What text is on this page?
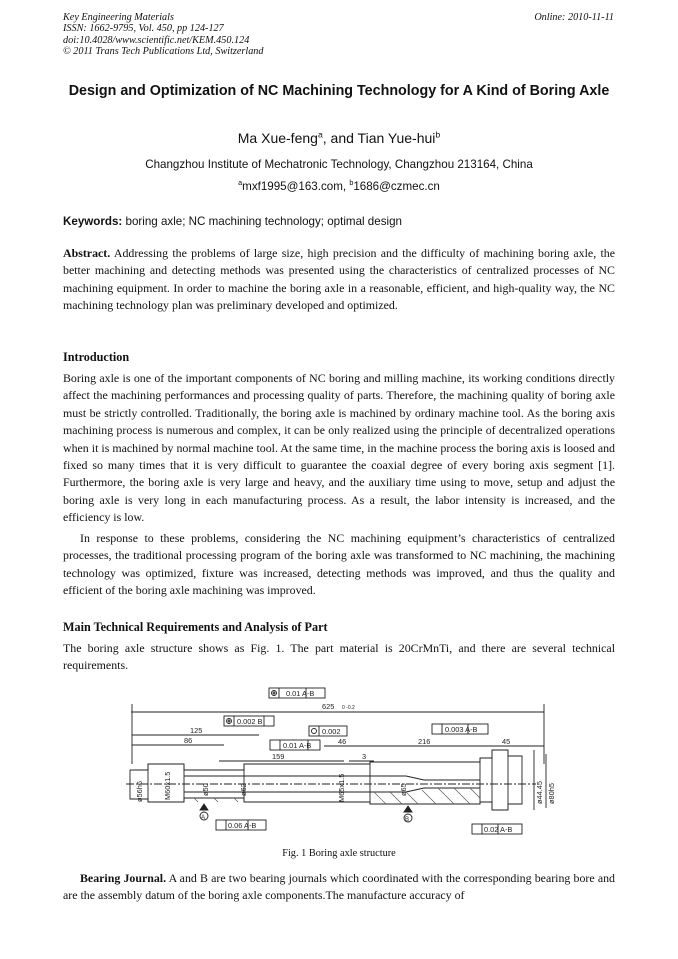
Key Engineering Materials
ISSN: 1662-9795, Vol. 450, pp 124-127
doi:10.4028/www.scientific.net/KEM.450.124
© 2011 Trans Tech Publications Ltd, Switzerland
Online: 2010-11-11
Design and Optimization of NC Machining Technology for A Kind of Boring Axle
Ma Xue-feng$^a$, and Tian Yue-hui$^b$
Changzhou Institute of Mechatronic Technology, Changzhou 213164, China
$^a$mxf1995@163.com, $^b$1686@czmec.cn
Keywords: boring axle; NC machining technology; optimal design

Abstract. Addressing the problems of large size, high precision and the difficulty of machining boring axle, the better machining and detecting methods was presented using the characteristics of centralized processes of NC machining equipment. In order to machine the boring axle in a reasonable, efficient, and high-quality way, the NC machining technology plan was preliminary developed and optimized.

Introduction

Boring axle is one of the important components of NC boring and milling machine, its working conditions directly affect the machining performances and processing quality of parts. Therefore, the machining quality of boring axle must be strictly controlled. Traditionally, the boring axle is machined by ordinary machine tool. As the boring axis machining process is numerous and complex, it can be only realized using the principle of decentralized operations when it is machined by normal machine tool. At the same time, in the machine process the boring axis is loosed and fixed so many times that it is very difficult to guarantee the coaxial degree of every boring axis segment [1]. Furthermore, the boring axle is very large and heavy, and the auxiliary time using to move, setup and adjust the boring axle is very long in each manufacturing process. As a result, the labor intensity is increased, and the efficiency is low.

In response to these problems, considering the NC machining equipment’s characteristics of centralized processes, the traditional processing program of the boring axle was transformed to NC machining, the machining technology was optimized, fixture was increased, detecting methods was improved, and thus the quality and efficient of the boring axle machining was improved.

Main Technical Requirements and Analysis of Part

The boring axle structure shows as Fig. 1. The part material is 20CrMnTi, and there are several technical requirements.

0.01 A-B
625 0 -0.2
0.002 B
0.002	0.003 A-B
125
86
0.01 A-B	46	216	45
159	3
ø50	ø62	ø65
M60x1.5	M65x1.5
ø56h6	ø44.45 ø80h5
A	B
0.06 A-B	0.02 A-B
Fig. 1 Boring axle structure

Bearing Journal. A and B are two bearing journals which coordinated with the corresponding bearing bore and are the assembly datum of the boring axle components.The manufacture accuracy of
